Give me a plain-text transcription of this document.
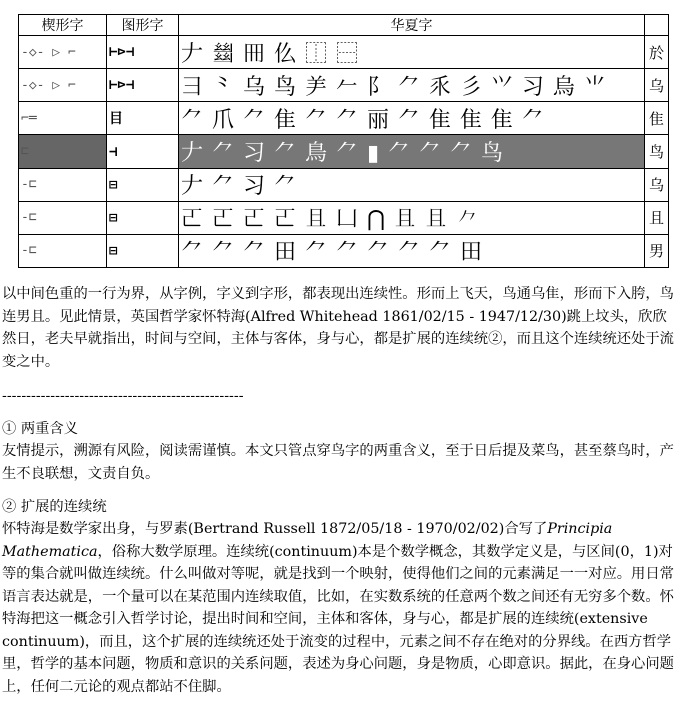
楔形字	图形字	华夏字	
-◇- ▷ ⌐	⊢⊳⊣	𠂇 𢇍 𠕁 仫 ⿰ ⿱	於
-◇- ▷ ⌐	⊢⊳⊣	彐 ⺀ 乌 鸟 ⺶ 𠂉 ⻖ ⺈ 乑 彡 ⺍ 习 烏 ⺌	乌
⌐═	目	⺈ 爪 ⺈ 隹 ⺈ ⺈ 丽 ⺈ 隹 隹 隹 ⺈	隹
⊏	⊣	𠂇 ⺈ 习 ⺈ 鳥 ⺈ ▮ ⺈ ⺈ ⺈ 鸟	鸟
-⊏	⊟	𠂇 ⺈ 习 ⺈	乌
-⊏	⊟	𠀀 𠀀 𠀀 𠀀 且 ⼐ ⋂ 且 且 ⺈	且
-⊏	⊟	⺈ ⺈ ⺈ 田 ⺈ ⺈ ⺈ ⺈ ⺈ 田	男
以中间色重的一行为界，从字例，字义到字形，都表现出连续性。形而上飞天，鸟通乌隹，形而下入胯，鸟连男且。见此情景，英国哲学家怀特海(Alfred Whitehead 1861/02/15 - 1947/12/30)跳上坟头，欣欣然日，老夫早就指出，时间与空间，主体与客体，身与心，都是扩展的连续统②，而且这个连续统还处于流变之中。
--------------------------------------------------
① 两重含义
友情提示，溯源有风险，阅读需谨慎。本文只管点穿鸟字的两重含义，至于日后提及菜鸟，甚至蔡鸟时，产生不良联想，文责自负。
② 扩展的连续统
怀特海是数学家出身，与罗素(Bertrand Russell 1872/05/18 - 1970/02/02)合写了Principia Mathematica，俗称大数学原理。连续统(continuum)本是个数学概念，其数学定义是，与区间(0，1)对等的集合就叫做连续统。什么叫做对等呢，就是找到一个映射，使得他们之间的元素满足一一对应。用日常语言表达就是，一个量可以在某范围内连续取值，比如，在实数系统的任意两个数之间还有无穷多个数。怀特海把这一概念引入哲学讨论，提出时间和空间，主体和客体，身与心，都是扩展的连续统(extensive continuum)，而且，这个扩展的连续统还处于流变的过程中，元素之间不存在绝对的分界线。在西方哲学里，哲学的基本问题，物质和意识的关系问题，表述为身心问题，身是物质，心即意识。据此，在身心问题上，任何二元论的观点都站不住脚。
